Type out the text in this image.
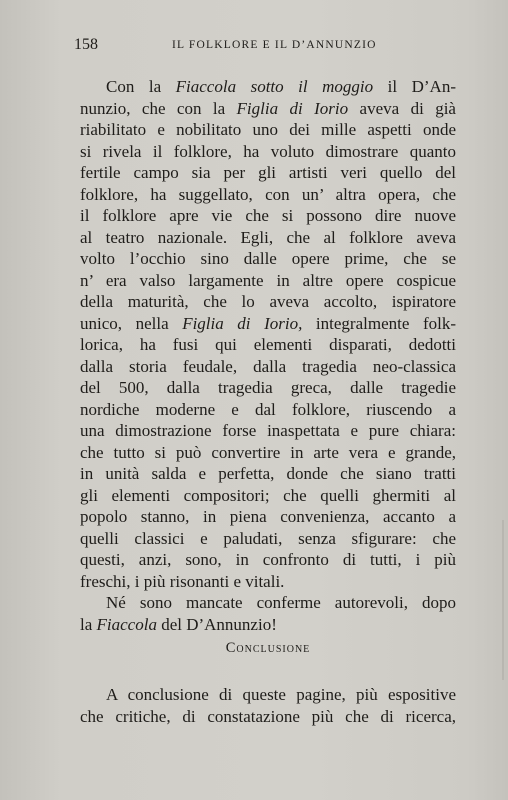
158	IL FOLKLORE E IL D’ANNUNZIO
Con la Fiaccola sotto il moggio il D’An-
nunzio, che con la Figlia di Iorio aveva di già
riabilitato e nobilitato uno dei mille aspetti onde
si rivela il folklore, ha voluto dimostrare quanto
fertile campo sia per gli artisti veri quello del
folklore, ha suggellato, con un’ altra opera, che
il folklore apre vie che si possono dire nuove
al teatro nazionale. Egli, che al folklore aveva
volto l’occhio sino dalle opere prime, che se
n’ era valso largamente in altre opere cospicue
della maturità, che lo aveva accolto, ispiratore
unico, nella Figlia di Iorio, integralmente folk-
lorica, ha fusi qui elementi disparati, dedotti
dalla storia feudale, dalla tragedia neo-classica
del 500, dalla tragedia greca, dalle tragedie
nordiche moderne e dal folklore, riuscendo a
una dimostrazione forse inaspettata e pure chiara:
che tutto si può convertire in arte vera e grande,
in unità salda e perfetta, donde che siano tratti
gli elementi compositori; che quelli ghermiti al
popolo stanno, in piena convenienza, accanto a
quelli classici e paludati, senza sfigurare: che
questi, anzi, sono, in confronto di tutti, i più
freschi, i più risonanti e vitali.
Né sono mancate conferme autorevoli, dopo
la Fiaccola del D’Annunzio!
Conclusione
A conclusione di queste pagine, più espositive
che critiche, di constatazione più che di ricerca,
